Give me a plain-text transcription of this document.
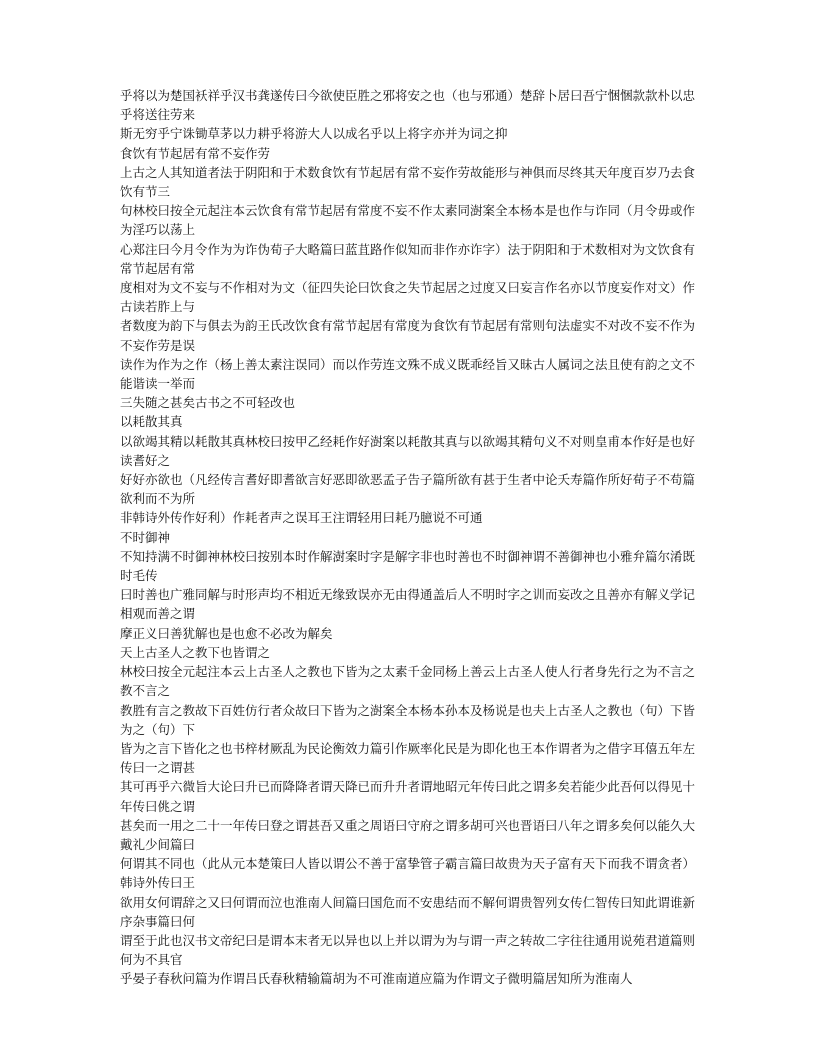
乎将以为楚国袄祥乎汉书龚遂传曰今欲使臣胜之邪将安之也（也与邪通）楚辞卜居曰吾宁悃悃款款朴以忠乎将送往劳来

斯无穷乎宁诛锄草茅以力耕乎将游大人以成名乎以上将字亦并为词之抑

食饮有节起居有常不妄作劳

上古之人其知道者法于阴阳和于术数食饮有节起居有常不妄作劳故能形与神俱而尽终其天年度百岁乃去食饮有节三

句林校曰按全元起注本云饮食有常节起居有常度不妄不作太素同澍案全本杨本是也作与诈同（月令毋或作为淫巧以荡上

心郑注曰今月令作为为诈伪荀子大略篇曰蓝苴路作似知而非作亦诈字）法于阴阳和于术数相对为文饮食有常节起居有常

度相对为文不妄与不作相对为文（征四失论曰饮食之失节起居之过度又曰妄言作名亦以节度妄作对文）作古读若胙上与

者数度为韵下与俱去为韵王氏改饮食有常节起居有常度为食饮有节起居有常则句法虚实不对改不妄不作为不妄作劳是误

读作为作为之作（杨上善太素注误同）而以作劳连文殊不成义既乖经旨又昧古人属词之法且使有韵之文不能谐读一举而

三失随之甚矣古书之不可轻改也

以耗散其真

以欲竭其精以耗散其真林校曰按甲乙经耗作好澍案以耗散其真与以欲竭其精句义不对则皇甫本作好是也好读耆好之

好好亦欲也（凡经传言耆好即耆欲言好恶即欲恶孟子告子篇所欲有甚于生者中论夭寿篇作所好荀子不苟篇欲利而不为所

非韩诗外传作好利）作耗者声之误耳王注谓轻用曰耗乃臆说不可通

不时御神

不知持满不时御神林校曰按别本时作解澍案时字是解字非也时善也不时御神谓不善御神也小雅弁篇尔淆既时毛传

曰时善也广雅同解与时形声均不相近无缘致误亦无由得通盖后人不明时字之训而妄改之且善亦有解义学记相观而善之谓

摩正义曰善犹解也是也愈不必改为解矣

天上古圣人之教下也皆谓之

林校曰按全元起注本云上古圣人之教也下皆为之太素千金同杨上善云上古圣人使人行者身先行之为不言之教不言之

教胜有言之教故下百姓仿行者众故曰下皆为之澍案全本杨本孙本及杨说是也夫上古圣人之教也（句）下皆为之（句）下

皆为之言下皆化之也书梓材厥乱为民论衡效力篇引作厥率化民是为即化也王本作谓者为之借字耳僖五年左传曰一之谓甚

其可再乎六微旨大论曰升已而降降者谓天降已而升升者谓地昭元年传曰此之谓多矣若能少此吾何以得见十年传曰佻之谓

甚矣而一用之二十一年传曰登之谓甚吾又重之周语曰守府之谓多胡可兴也晋语曰八年之谓多矣何以能久大戴礼少间篇曰

何谓其不同也（此从元本楚策曰人皆以谓公不善于富挚管子霸言篇曰故贵为天子富有天下而我不谓贪者）韩诗外传曰王

欲用女何谓辞之又曰何谓而泣也淮南人间篇曰国危而不安患结而不解何谓贵智列女传仁智传曰知此谓谁新序杂事篇曰何

谓至于此也汉书文帝纪曰是谓本末者无以异也以上并以谓为为与谓一声之转故二字往往通用说苑君道篇则何为不具官

乎晏子春秋问篇为作谓吕氏春秋精输篇胡为不可淮南道应篇为作谓文子微明篇居知所为淮南人
